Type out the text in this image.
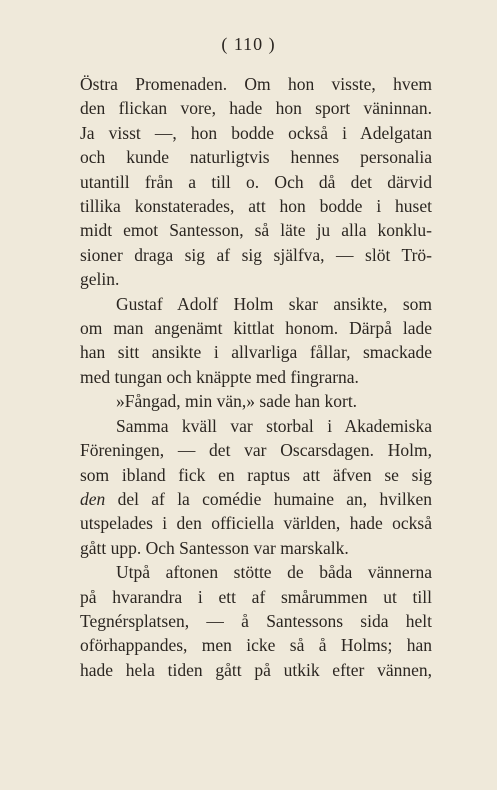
( 110 )
Östra Promenaden. Om hon visste, hvem
den flickan vore, hade hon sport väninnan.
Ja visst —, hon bodde också i Adelgatan
och kunde naturligtvis hennes personalia
utantill från a till o. Och då det därvid
tillika konstaterades, att hon bodde i huset
midt emot Santesson, så läte ju alla konklu-
sioner draga sig af sig själfva, — slöt Trö-
gelin.
Gustaf Adolf Holm skar ansikte, som
om man angenämt kittlat honom. Därpå lade
han sitt ansikte i allvarliga fållar, smackade
med tungan och knäppte med fingrarna.
»Fångad, min vän,» sade han kort.
Samma kväll var storbal i Akademiska
Föreningen, — det var Oscarsdagen. Holm,
som ibland fick en raptus att äfven se sig
den del af la comédie humaine an, hvilken
utspelades i den officiella världen, hade också
gått upp. Och Santesson var marskalk.
Utpå aftonen stötte de båda vännerna
på hvarandra i ett af smårummen ut till
Tegnérsplatsen, — å Santessons sida helt
oförhappandes, men icke så å Holms; han
hade hela tiden gått på utkik efter vännen,
